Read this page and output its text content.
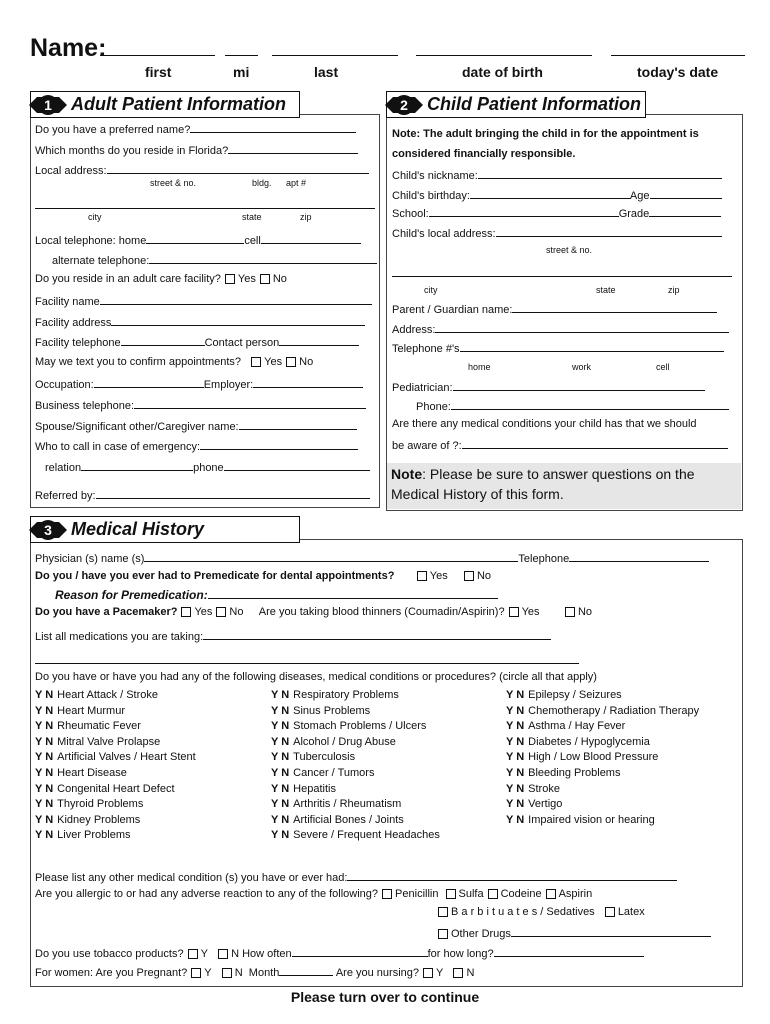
Name:
first	mi	last	date of birth	today's date
1 Adult Patient Information
Do you have a preferred name?
Which months do you reside in Florida?
Local address:
street & no.	bldg. apt #
city	state	zip
Local telephone: home	cell
alternate telephone:
Do you reside in an adult care facility? Yes No
Facility name
Facility address
Facility telephone	Contact person
May we text you to confirm appointments? Yes No
Occupation:	Employer:
Business telephone:
Spouse/Significant other/Caregiver name:
Who to call in case of emergency:
relation	phone
Referred by:
2 Child Patient Information
Note: The adult bringing the child in for the appointment is
considered financially responsible.
Child's nickname:
Child's birthday:	Age
School:	Grade
Child's local address:
street & no.
city	state	zip
Parent / Guardian name:
Address:
Telephone #'s
home	work	cell
Pediatrician:
Phone:
Are there any medical conditions your child has that we should
be aware of ?:
Note: Please be sure to answer questions on the
Medical History of this form.
3 Medical History
Physician (s) name (s)	Telephone
Do you / have you ever had to Premedicate for dental appointments?	Yes	No
Reason for Premedication:
Do you have a Pacemaker? Yes No Are you taking blood thinners (Coumadin/Aspirin)? Yes	No
List all medications you are taking:
Do you have or have you had any of the following diseases, medical conditions or procedures? (circle all that apply)
Y N Heart Attack / Stroke
Y N Heart Murmur
Y N Rheumatic Fever
Y N Mitral Valve Prolapse
Y N Artificial Valves / Heart Stent
Y N Heart Disease
Y N Congenital Heart Defect
Y N Thyroid Problems
Y N Kidney Problems
Y N Liver Problems
Y N Respiratory Problems
Y N Sinus Problems
Y N Stomach Problems / Ulcers
Y N Alcohol / Drug Abuse
Y N Tuberculosis
Y N Cancer / Tumors
Y N Hepatitis
Y N Arthritis / Rheumatism
Y N Artificial Bones / Joints
Y N Severe / Frequent Headaches
Y N Epilepsy / Seizures
Y N Chemotherapy / Radiation Therapy
Y N Asthma / Hay Fever
Y N Diabetes / Hypoglycemia
Y N High / Low Blood Pressure
Y N Bleeding Problems
Y N Stroke
Y N Vertigo
Y N Impaired vision or hearing
Please list any other medical condition (s) you have or ever had:
Are you allergic to or had any adverse reaction to any of the following? Penicillin Sulfa Codeine Aspirin
B a r b i t u a t e s / Sedatives Latex
Other Drugs
Do you use tobacco products? Y N How often	for how long?
For women: Are you Pregnant? Y N Month	Are you nursing? Y N
Please turn over to continue
